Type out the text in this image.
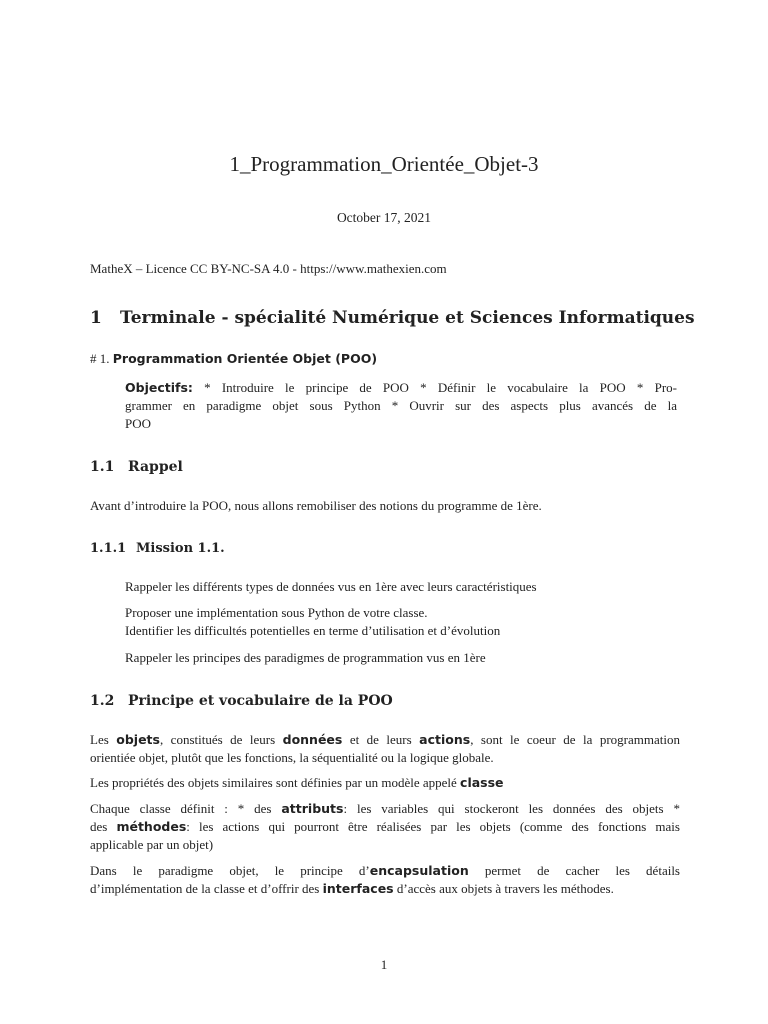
1_Programmation_Orientée_Objet-3
October 17, 2021
MatheX – Licence CC BY-NC-SA 4.0 - https://www.mathexien.com
1 Terminale - spécialité Numérique et Sciences Informatiques
# 1. Programmation Orientée Objet (POO)
Objectifs: * Introduire le principe de POO * Définir le vocabulaire la POO * Pro-
grammer en paradigme objet sous Python * Ouvrir sur des aspects plus avancés de la
POO
1.1 Rappel
Avant d’introduire la POO, nous allons remobiliser des notions du programme de 1ère.
1.1.1 Mission 1.1.
Rappeler les différents types de données vus en 1ère avec leurs caractéristiques
Proposer une implémentation sous Python de votre classe.
Identifier les difficultés potentielles en terme d’utilisation et d’évolution
Rappeler les principes des paradigmes de programmation vus en 1ère
1.2 Principe et vocabulaire de la POO
Les objets, constitués de leurs données et de leurs actions, sont le coeur de la programmation
orientiée objet, plutôt que les fonctions, la séquentialité ou la logique globale.
Les propriétés des objets similaires sont définies par un modèle appelé classe
Chaque classe définit : * des attributs: les variables qui stockeront les données des objets *
des méthodes: les actions qui pourront être réalisées par les objets (comme des fonctions mais
applicable par un objet)
Dans le paradigme objet, le principe d’encapsulation permet de cacher les détails
d’implémentation de la classe et d’offrir des interfaces d’accès aux objets à travers les méthodes.
1
